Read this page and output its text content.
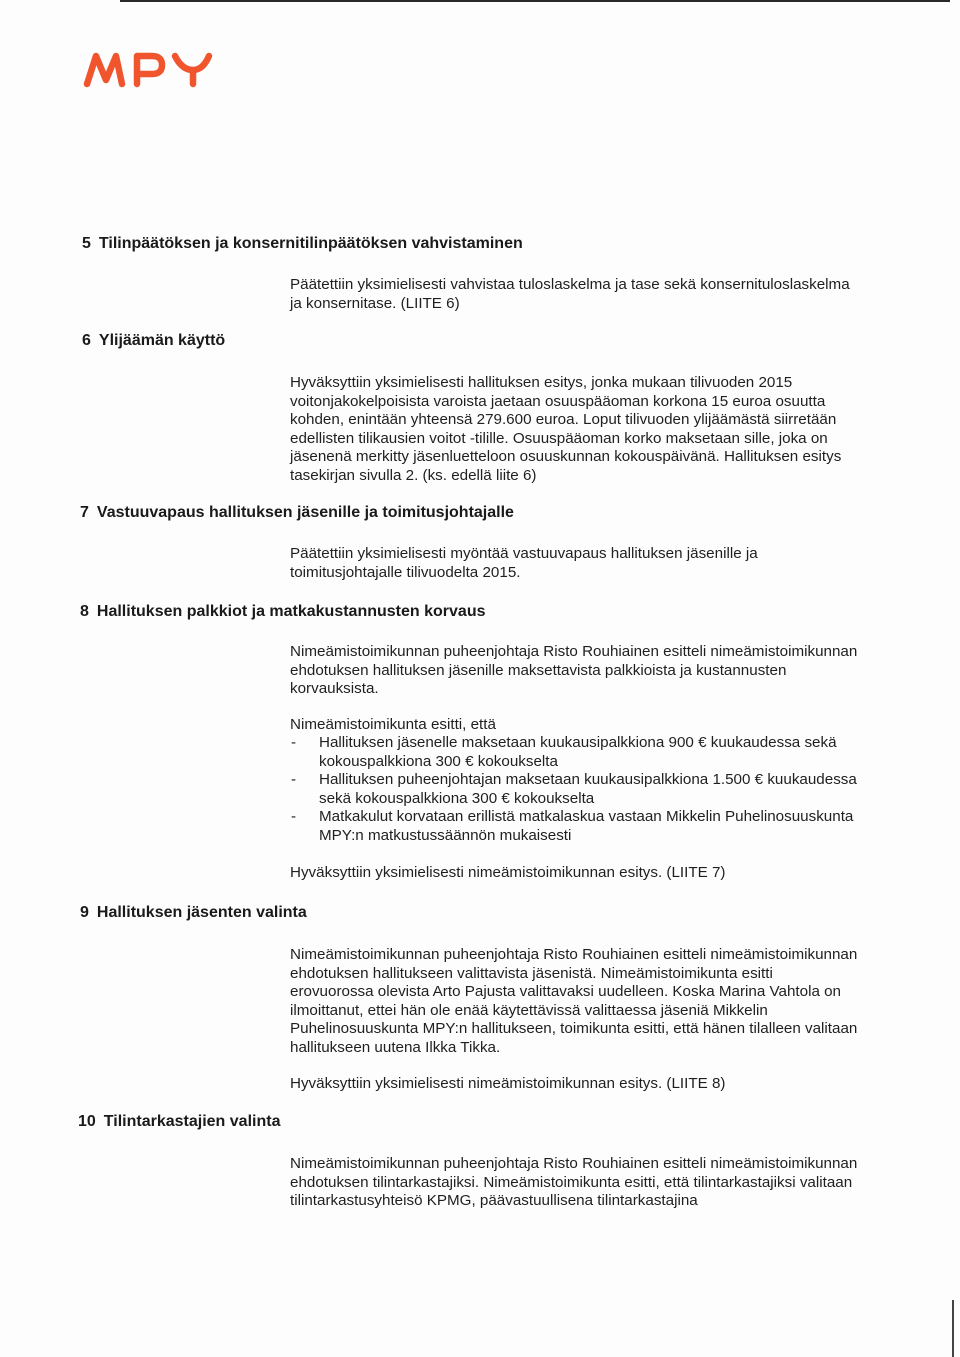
5 Tilinpäätöksen ja konsernitilinpäätöksen vahvistaminen

Päätettiin yksimielisesti vahvistaa tuloslaskelma ja tase sekä konsernituloslaskelma ja konsernitase. (LIITE 6)

6 Ylijäämän käyttö

Hyväksyttiin yksimielisesti hallituksen esitys, jonka mukaan tilivuoden 2015 voitonjakokelpoisista varoista jaetaan osuuspääoman korkona 15 euroa osuutta kohden, enintään yhteensä 279.600 euroa. Loput tilivuoden ylijäämästä siirretään edellisten tilikausien voitot -tilille. Osuuspääoman korko maksetaan sille, joka on jäsenenä merkitty jäsenluetteloon osuuskunnan kokouspäivänä. Hallituksen esitys tasekirjan sivulla 2. (ks. edellä liite 6)

7 Vastuuvapaus hallituksen jäsenille ja toimitusjohtajalle

Päätettiin yksimielisesti myöntää vastuuvapaus hallituksen jäsenille ja toimitusjohtajalle tilivuodelta 2015.

8 Hallituksen palkkiot ja matkakustannusten korvaus

Nimeämistoimikunnan puheenjohtaja Risto Rouhiainen esitteli nimeämistoimikunnan ehdotuksen hallituksen jäsenille maksettavista palkkioista ja kustannusten korvauksista.

Nimeämistoimikunta esitti, että

- Hallituksen jäsenelle maksetaan kuukausipalkkiona 900 € kuukaudessa sekä kokouspalkkiona 300 € kokoukselta
- Hallituksen puheenjohtajan maksetaan kuukausipalkkiona 1.500 € kuukaudessa sekä kokouspalkkiona 300 € kokoukselta
- Matkakulut korvataan erillistä matkalaskua vastaan Mikkelin Puhelinosuuskunta MPY:n matkustussäännön mukaisesti

Hyväksyttiin yksimielisesti nimeämistoimikunnan esitys. (LIITE 7)

9 Hallituksen jäsenten valinta

Nimeämistoimikunnan puheenjohtaja Risto Rouhiainen esitteli nimeämistoimikunnan ehdotuksen hallitukseen valittavista jäsenistä. Nimeämistoimikunta esitti erovuorossa olevista Arto Pajusta valittavaksi uudelleen. Koska Marina Vahtola on ilmoittanut, ettei hän ole enää käytettävissä valittaessa jäseniä Mikkelin Puhelinosuuskunta MPY:n hallitukseen, toimikunta esitti, että hänen tilalleen valitaan hallitukseen uutena Ilkka Tikka.

Hyväksyttiin yksimielisesti nimeämistoimikunnan esitys. (LIITE 8)

10 Tilintarkastajien valinta

Nimeämistoimikunnan puheenjohtaja Risto Rouhiainen esitteli nimeämistoimikunnan ehdotuksen tilintarkastajiksi. Nimeämistoimikunta esitti, että tilintarkastajiksi valitaan tilintarkastusyhteisö KPMG, päävastuullisena tilintarkastajina
